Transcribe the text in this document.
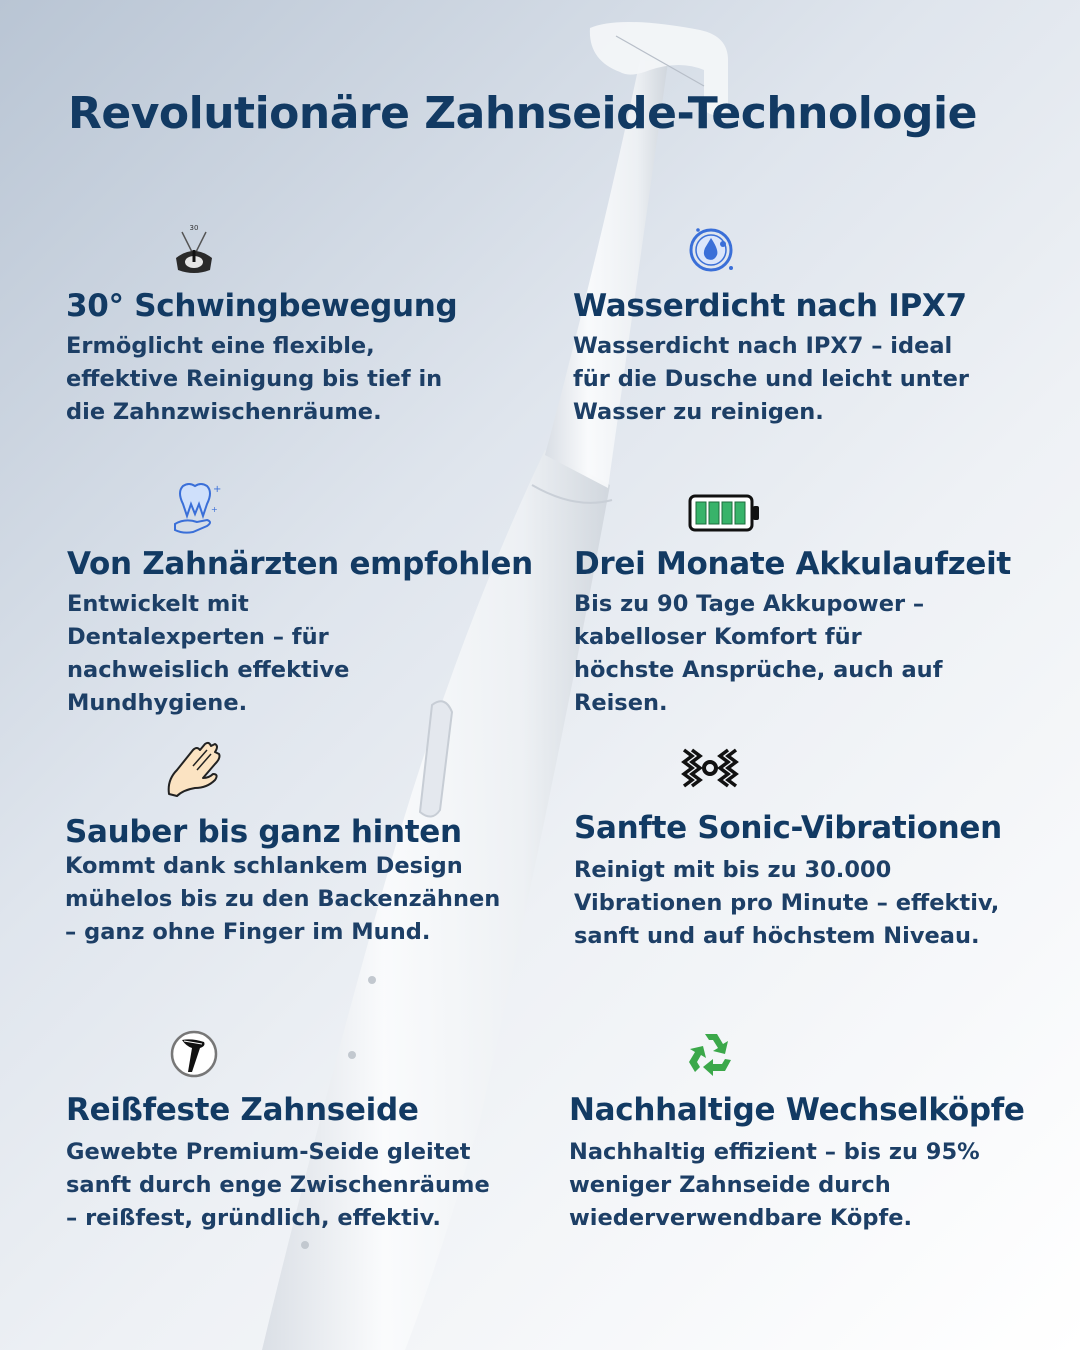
Revolutionäre Zahnseide-Technologie
30
30° Schwingbewegung

Ermöglicht eine flexible, effektive Reinigung bis tief in die Zahnzwischenräume.

Wasserdicht nach IPX7

Wasserdicht nach IPX7 – ideal für die Dusche und leicht unter Wasser zu reinigen.

+
+
Von Zahnärzten empfohlen

Entwickelt mit Dentalexperten – für nachweislich effektive Mundhygiene.

Drei Monate Akkulaufzeit

Bis zu 90 Tage Akkupower – kabelloser Komfort für höchste Ansprüche, auch auf Reisen.

Sauber bis ganz hinten

Kommt dank schlankem Design mühelos bis zu den Backenzähnen – ganz ohne Finger im Mund.

Sanfte Sonic-Vibrationen

Reinigt mit bis zu 30.000 Vibrationen pro Minute – effektiv, sanft und auf höchstem Niveau.

Reißfeste Zahnseide

Gewebte Premium-Seide gleitet sanft durch enge Zwischenräume – reißfest, gründlich, effektiv.

Nachhaltige Wechselköpfe

Nachhaltig effizient – bis zu 95% weniger Zahnseide durch wiederverwendbare Köpfe.
